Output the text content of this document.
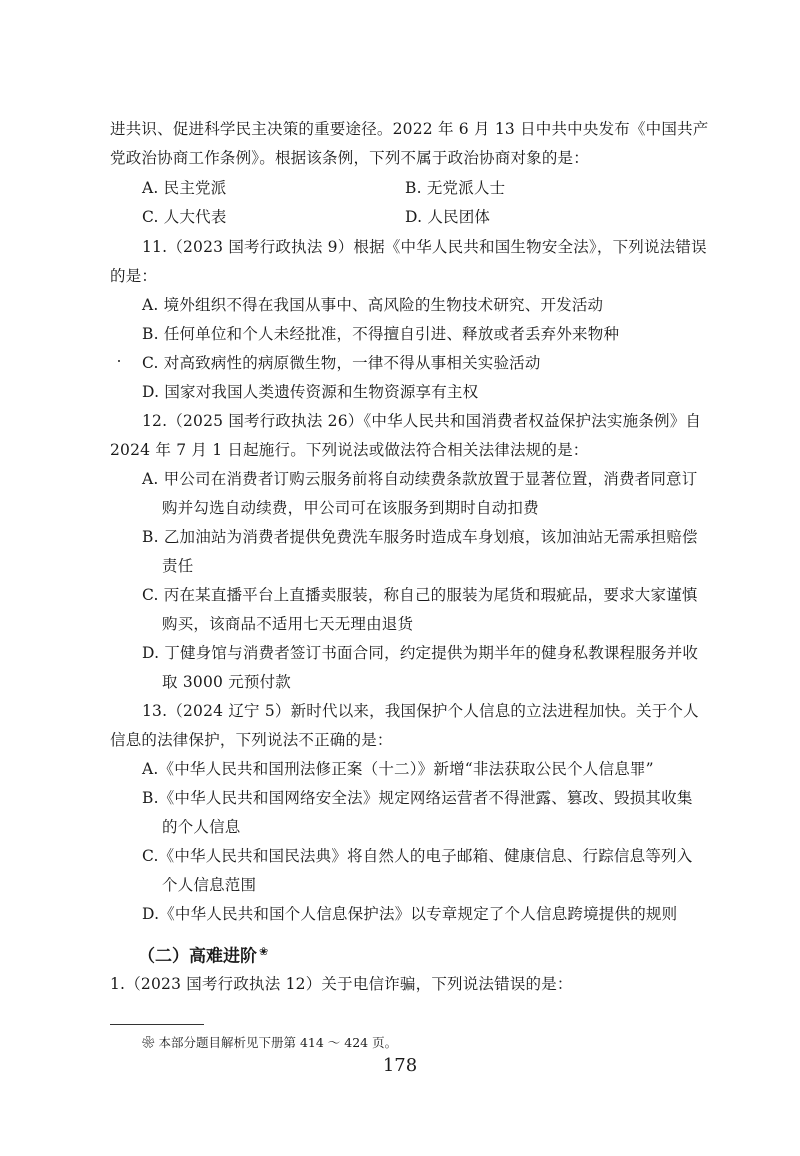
进共识、促进科学民主决策的重要途径。2022 年 6 月 13 日中共中央发布《中国共产
党政治协商工作条例》。根据该条例，下列不属于政治协商对象的是：
A. 民主党派	B. 无党派人士
C. 人大代表	D. 人民团体
11.（2023 国考行政执法 9）根据《中华人民共和国生物安全法》，下列说法错误
的是：
A. 境外组织不得在我国从事中、高风险的生物技术研究、开发活动
B. 任何单位和个人未经批准，不得擅自引进、释放或者丢弃外来物种
C. 对高致病性的病原微生物，一律不得从事相关实验活动
D. 国家对我国人类遗传资源和生物资源享有主权
12.（2025 国考行政执法 26）《中华人民共和国消费者权益保护法实施条例》自
2024 年 7 月 1 日起施行。下列说法或做法符合相关法律法规的是：
A. 甲公司在消费者订购云服务前将自动续费条款放置于显著位置，消费者同意订
购并勾选自动续费，甲公司可在该服务到期时自动扣费
B. 乙加油站为消费者提供免费洗车服务时造成车身划痕，该加油站无需承担赔偿
责任
C. 丙在某直播平台上直播卖服装，称自己的服装为尾货和瑕疵品，要求大家谨慎
购买，该商品不适用七天无理由退货
D. 丁健身馆与消费者签订书面合同，约定提供为期半年的健身私教课程服务并收
取 3000 元预付款
13.（2024 辽宁 5）新时代以来，我国保护个人信息的立法进程加快。关于个人
信息的法律保护，下列说法不正确的是：
A.《中华人民共和国刑法修正案（十二）》新增“非法获取公民个人信息罪”
B.《中华人民共和国网络安全法》规定网络运营者不得泄露、篡改、毁损其收集
的个人信息
C.《中华人民共和国民法典》将自然人的电子邮箱、健康信息、行踪信息等列入
个人信息范围
D.《中华人民共和国个人信息保护法》以专章规定了个人信息跨境提供的规则
（二）高难进阶 ❀
1.（2023 国考行政执法 12）关于电信诈骗，下列说法错误的是：
❀ 本部分题目解析见下册第 414 ～ 424 页。
178
